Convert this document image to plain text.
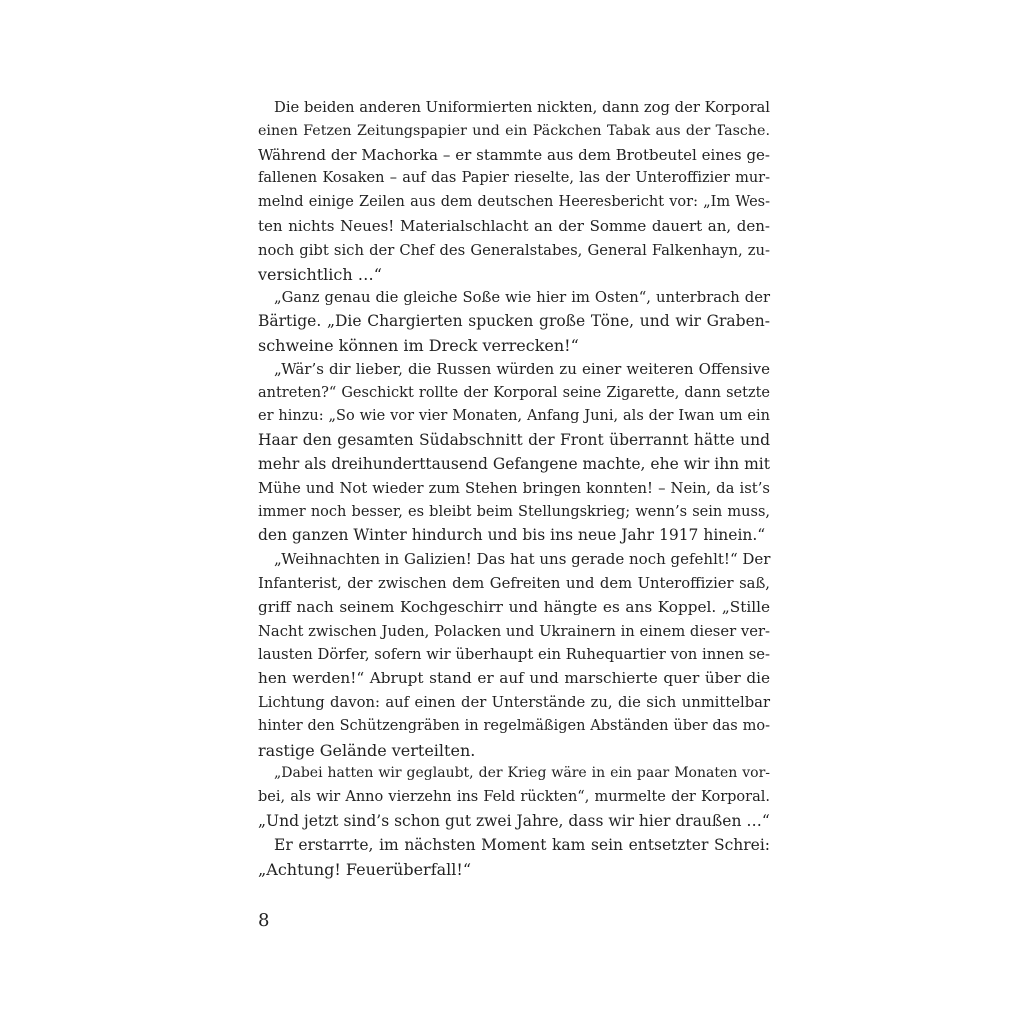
Die beiden anderen Uniformierten nickten, dann zog der Korporal
einen Fetzen Zeitungspapier und ein Päckchen Tabak aus der Tasche.
Während der Machorka – er stammte aus dem Brotbeutel eines ge-
fallenen Kosaken – auf das Papier rieselte, las der Unteroffizier mur-
melnd einige Zeilen aus dem deutschen Heeresbericht vor: „Im Wes-
ten nichts Neues! Materialschlacht an der Somme dauert an, den-
noch gibt sich der Chef des Generalstabes, General Falkenhayn, zu-
versichtlich …“
„Ganz genau die gleiche Soße wie hier im Osten“, unterbrach der
Bärtige. „Die Chargierten spucken große Töne, und wir Graben-
schweine können im Dreck verrecken!“
„Wär’s dir lieber, die Russen würden zu einer weiteren Offensive
antreten?“ Geschickt rollte der Korporal seine Zigarette, dann setzte
er hinzu: „So wie vor vier Monaten, Anfang Juni, als der Iwan um ein
Haar den gesamten Südabschnitt der Front überrannt hätte und
mehr als dreihunderttausend Gefangene machte, ehe wir ihn mit
Mühe und Not wieder zum Stehen bringen konnten! – Nein, da ist’s
immer noch besser, es bleibt beim Stellungskrieg; wenn’s sein muss,
den ganzen Winter hindurch und bis ins neue Jahr 1917 hinein.“
„Weihnachten in Galizien! Das hat uns gerade noch gefehlt!“ Der
Infanterist, der zwischen dem Gefreiten und dem Unteroffizier saß,
griff nach seinem Kochgeschirr und hängte es ans Koppel. „Stille
Nacht zwischen Juden, Polacken und Ukrainern in einem dieser ver-
lausten Dörfer, sofern wir überhaupt ein Ruhequartier von innen se-
hen werden!“ Abrupt stand er auf und marschierte quer über die
Lichtung davon: auf einen der Unterstände zu, die sich unmittelbar
hinter den Schützengräben in regelmäßigen Abständen über das mo-
rastige Gelände verteilten.
„Dabei hatten wir geglaubt, der Krieg wäre in ein paar Monaten vor-
bei, als wir Anno vierzehn ins Feld rückten“, murmelte der Korporal.
„Und jetzt sind’s schon gut zwei Jahre, dass wir hier draußen …“
Er erstarrte, im nächsten Moment kam sein entsetzter Schrei:
„Achtung! Feuerüberfall!“
8
